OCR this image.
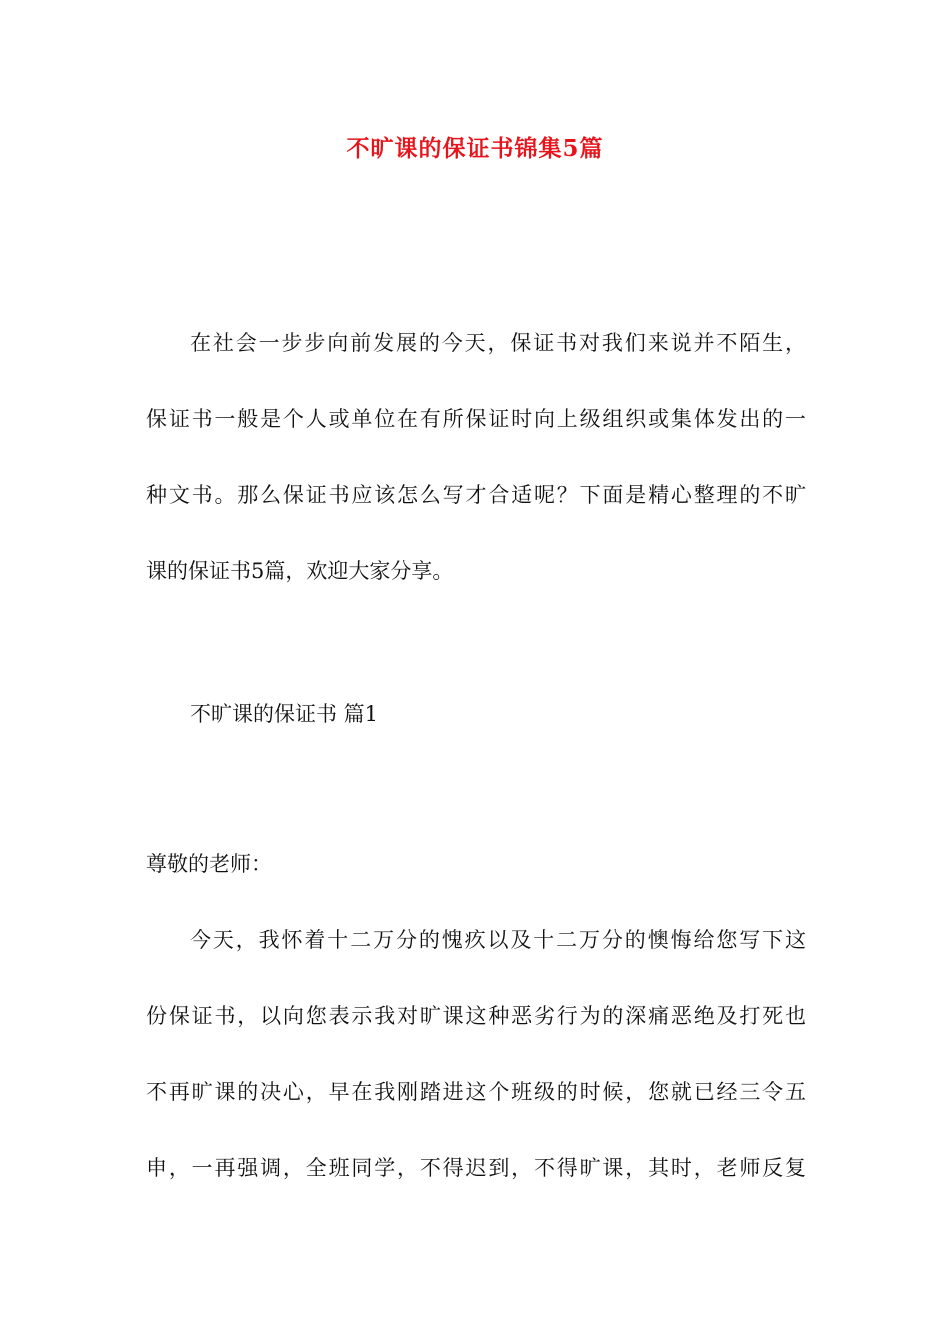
不旷课的保证书锦集5篇
在社会一步步向前发展的今天，保证书对我们来说并不陌生，
保证书一般是个人或单位在有所保证时向上级组织或集体发出的一
种文书。那么保证书应该怎么写才合适呢？下面是精心整理的不旷
课的保证书5篇，欢迎大家分享。
不旷课的保证书 篇1
尊敬的老师：
今天，我怀着十二万分的愧疚以及十二万分的懊悔给您写下这
份保证书，以向您表示我对旷课这种恶劣行为的深痛恶绝及打死也
不再旷课的决心，早在我刚踏进这个班级的时候，您就已经三令五
申，一再强调，全班同学，不得迟到，不得旷课，其时，老师反复
